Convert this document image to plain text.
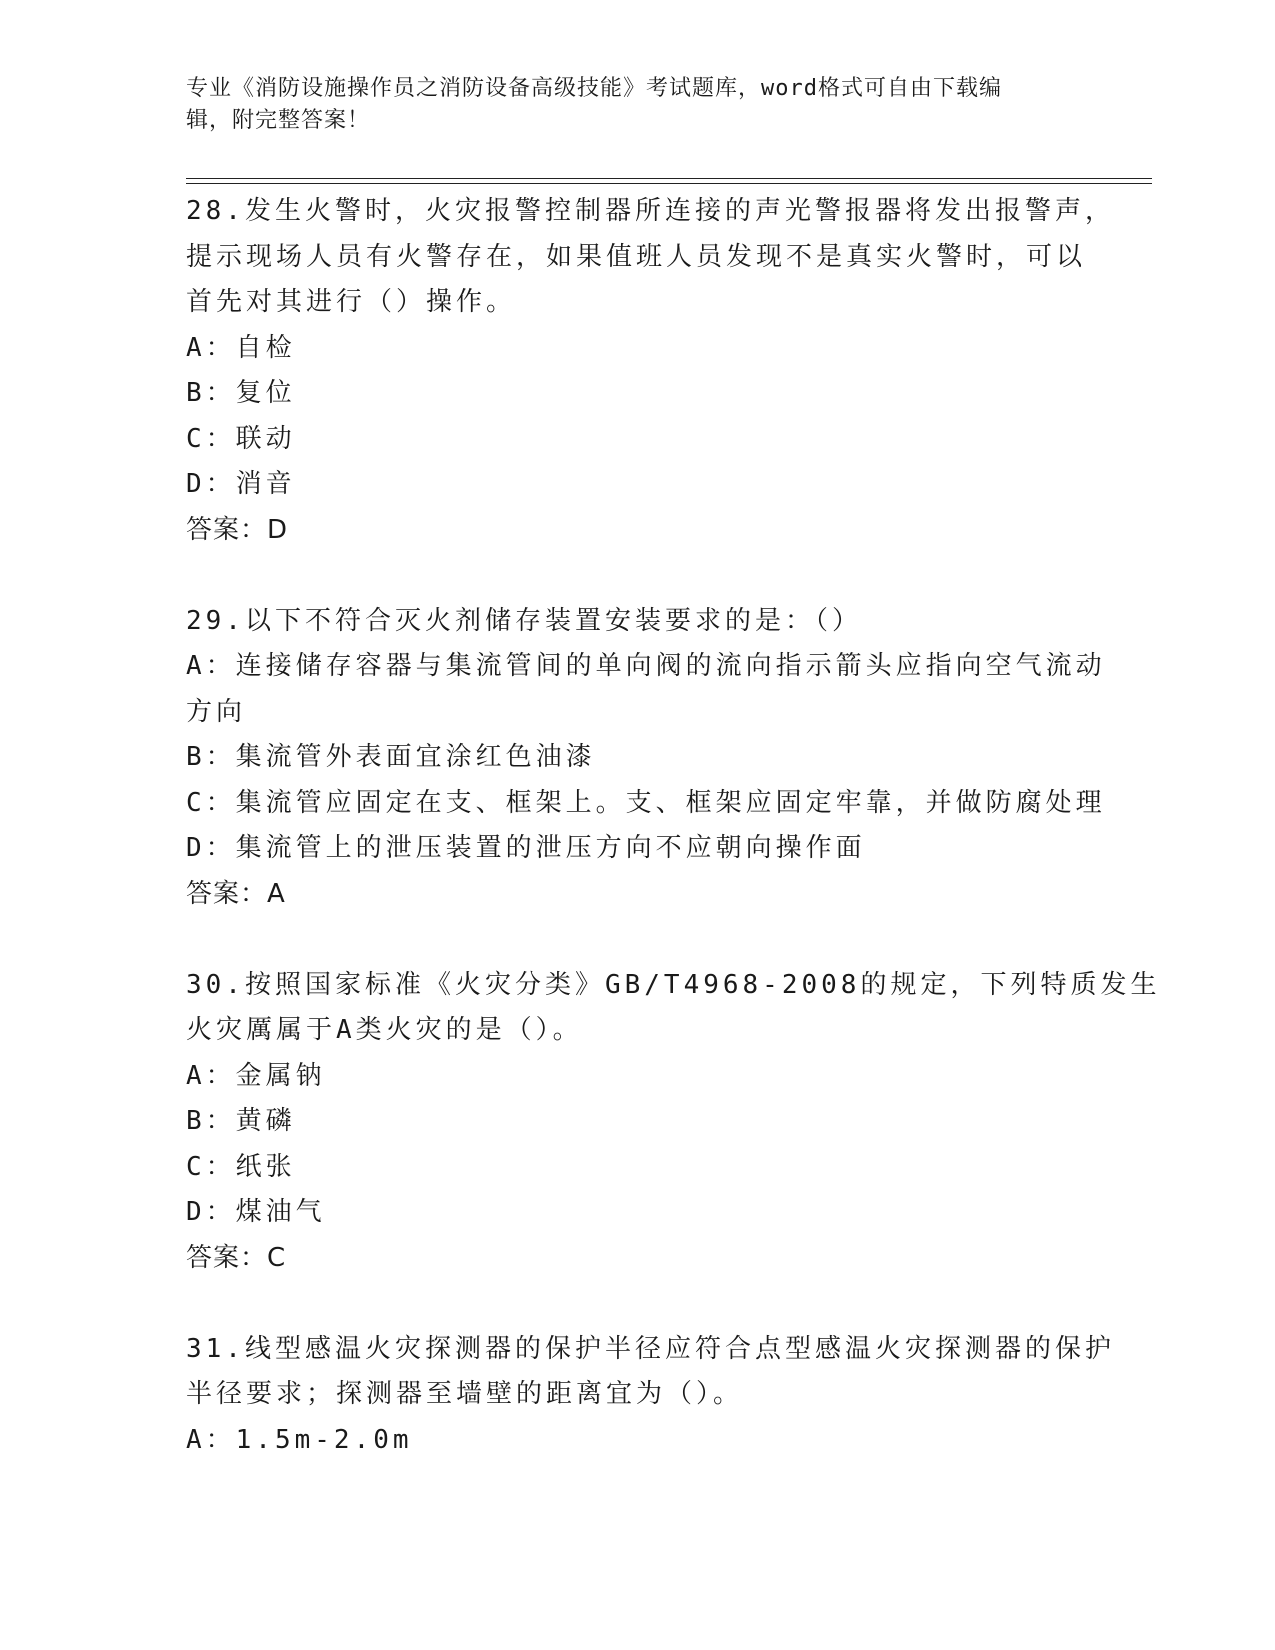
专业《消防设施操作员之消防设备高级技能》考试题库，word格式可自由下载编
辑，附完整答案！
28.发生火警时，火灾报警控制器所连接的声光警报器将发出报警声，
提示现场人员有火警存在，如果值班人员发现不是真实火警时，可以
首先对其进行（）操作。
A：自检
B：复位
C：联动
D：消音
答案：D
29.以下不符合灭火剂储存装置安装要求的是：（）
A：连接储存容器与集流管间的单向阀的流向指示箭头应指向空气流动
方向
B：集流管外表面宜涂红色油漆
C：集流管应固定在支、框架上。支、框架应固定牢靠，并做防腐处理
D：集流管上的泄压装置的泄压方向不应朝向操作面
答案：A
30.按照国家标准《火灾分类》GB/T4968-2008的规定，下列特质发生
火灾厲属于A类火灾的是（）。
A：金属钠
B：黄磷
C：纸张
D：煤油气
答案：C
31.线型感温火灾探测器的保护半径应符合点型感温火灾探测器的保护
半径要求；探测器至墙壁的距离宜为（）。
A：1.5m-2.0m
